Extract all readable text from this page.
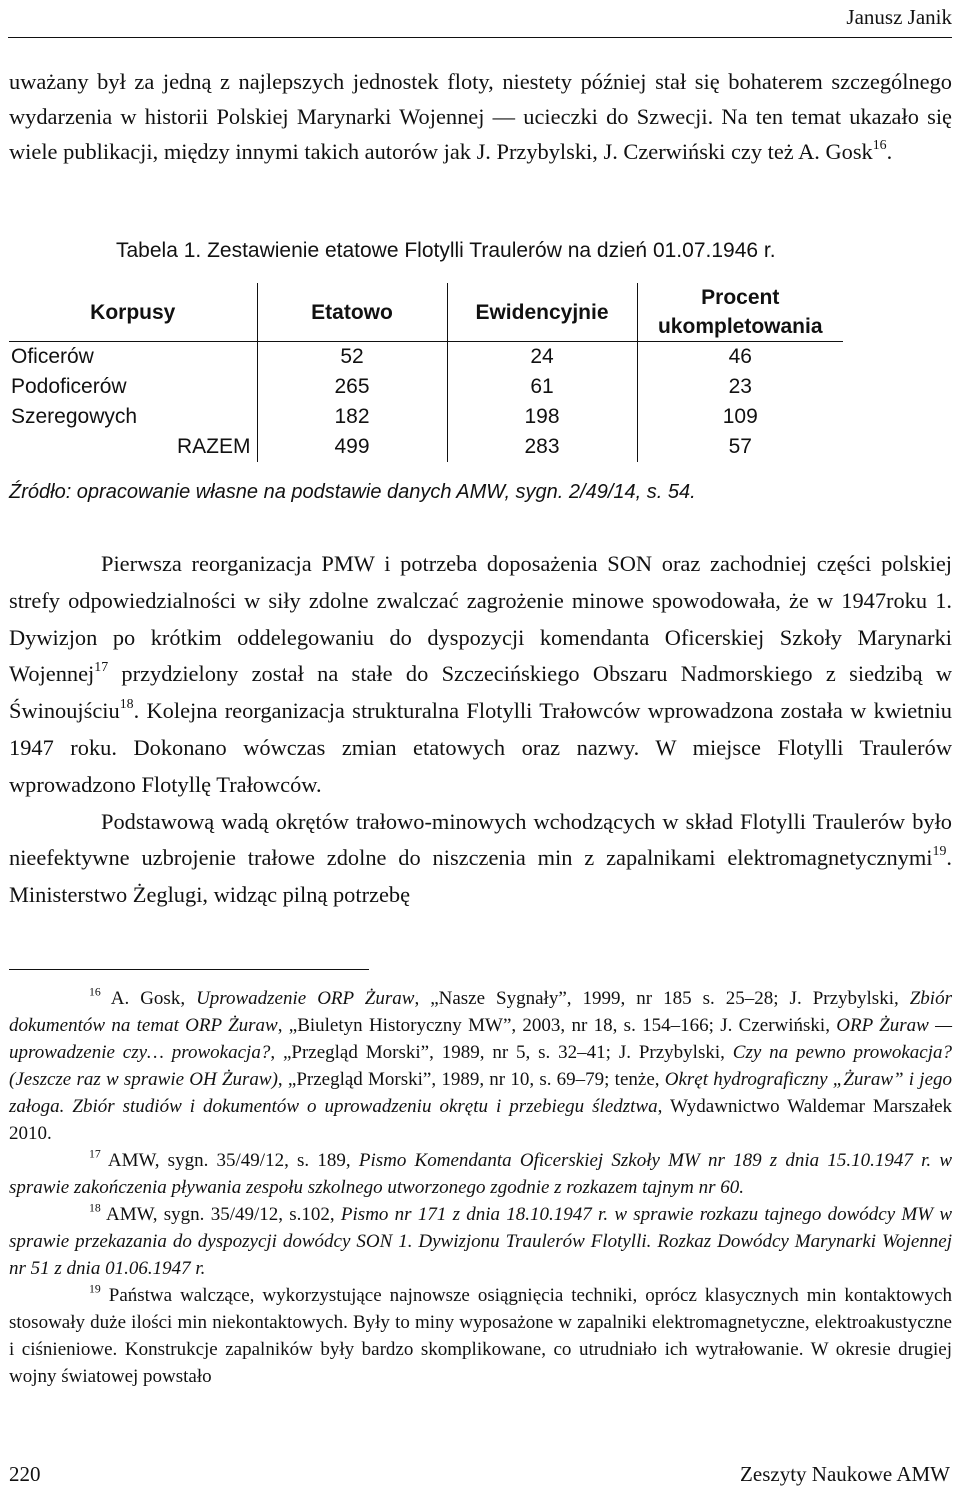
Janusz Janik

uważany był za jedną z najlepszych jednostek floty, niestety później stał się bohaterem szczególnego wydarzenia w historii Polskiej Marynarki Wojennej — ucieczki do Szwecji. Na ten temat ukazało się wiele publikacji, między innymi takich autorów jak J. Przybylski, J. Czerwiński czy też A. Gosk$^{16}$.

Tabela 1. Zestawienie etatowe Flotylli Traulerów na dzień 01.07.1946 r.
Korpusy	Etatowo	Ewidencyjnie	Procent ukompletowania
Oficerów	52	24	46
Podoficerów	265	61	23
Szeregowych	182	198	109
RAZEM	499	283	57
Źródło: opracowanie własne na podstawie danych AMW, sygn. 2/49/14, s. 54.

Pierwsza reorganizacja PMW i potrzeba doposażenia SON oraz zachodniej części polskiej strefy odpowiedzialności w siły zdolne zwalczać zagrożenie minowe spowodowała, że w 1947roku 1. Dywizjon po krótkim oddelegowaniu do dyspozycji komendanta Oficerskiej Szkoły Marynarki Wojennej$^{17}$ przydzielony został na stałe do Szczecińskiego Obszaru Nadmorskiego z siedzibą w Świnoujściu$^{18}$. Kolejna reorganizacja strukturalna Flotylli Trałowców wprowadzona została w kwietniu 1947 roku. Dokonano wówczas zmian etatowych oraz nazwy. W miejsce Flotylli Traulerów wprowadzono Flotyllę Trałowców.

Podstawową wadą okrętów trałowo-minowych wchodzących w skład Flotylli Traulerów było nieefektywne uzbrojenie trałowe zdolne do niszczenia min z zapalnikami elektromagnetycznymi$^{19}$. Ministerstwo Żeglugi, widząc pilną potrzebę

$^{16}$ A. Gosk, Uprowadzenie ORP Żuraw, „Nasze Sygnały”, 1999, nr 185 s. 25–28; J. Przybylski, Zbiór dokumentów na temat ORP Żuraw, „Biuletyn Historyczny MW”, 2003, nr 18, s. 154–166; J. Czerwiński, ORP Żuraw — uprowadzenie czy… prowokacja?, „Przegląd Morski”, 1989, nr 5, s. 32–41; J. Przybylski, Czy na pewno prowokacja? (Jeszcze raz w sprawie OH Żuraw), „Przegląd Morski”, 1989, nr 10, s. 69–79; tenże, Okręt hydrograficzny „Żuraw” i jego załoga. Zbiór studiów i dokumentów o uprowadzeniu okrętu i przebiegu śledztwa, Wydawnictwo Waldemar Marszałek 2010.

$^{17}$ AMW, sygn. 35/49/12, s. 189, Pismo Komendanta Oficerskiej Szkoły MW nr 189 z dnia 15.10.1947 r. w sprawie zakończenia pływania zespołu szkolnego utworzonego zgodnie z rozkazem tajnym nr 60.

$^{18}$ AMW, sygn. 35/49/12, s.102, Pismo nr 171 z dnia 18.10.1947 r. w sprawie rozkazu tajnego dowódcy MW w sprawie przekazania do dyspozycji dowódcy SON 1. Dywizjonu Traulerów Flotylli. Rozkaz Dowódcy Marynarki Wojennej nr 51 z dnia 01.06.1947 r.

$^{19}$ Państwa walczące, wykorzystujące najnowsze osiągnięcia techniki, oprócz klasycznych min kontaktowych stosowały duże ilości min niekontaktowych. Były to miny wyposażone w zapalniki elektromagnetyczne, elektroakustyczne i ciśnieniowe. Konstrukcje zapalników były bardzo skomplikowane, co utrudniało ich wytrałowanie. W okresie drugiej wojny światowej powstało

220	Zeszyty Naukowe AMW
